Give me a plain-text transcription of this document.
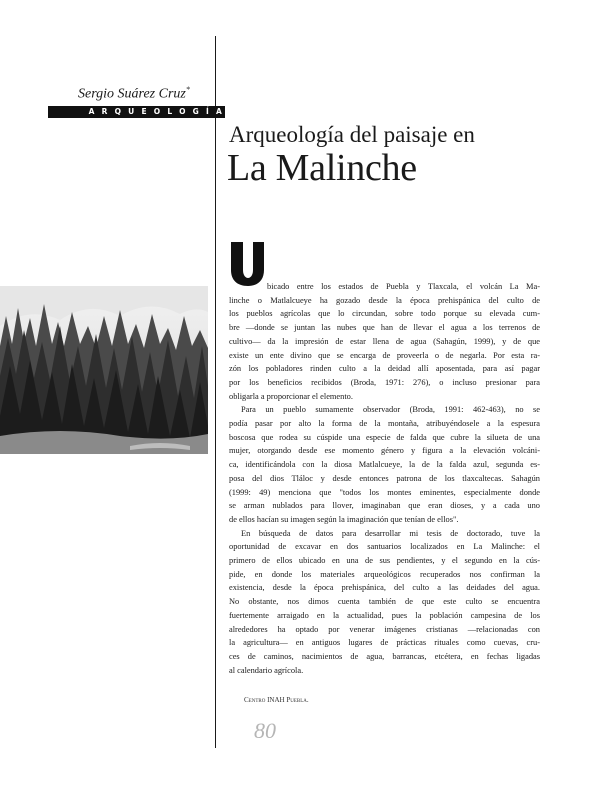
Sergio Suárez Cruz*
ARQUEOLOGÍA
Arqueología del paisaje en
La Malinche
bicado entre los estados de Puebla y Tlaxcala, el volcán La Ma-
linche o Matlalcueye ha gozado desde la época prehispánica del culto de
los pueblos agrícolas que lo circundan, sobre todo porque su elevada cum-
bre —donde se juntan las nubes que han de llevar el agua a los terrenos de
cultivo— da la impresión de estar llena de agua (Sahagún, 1999), y de que
existe un ente divino que se encarga de proveerla o de negarla. Por esta ra-
zón los pobladores rinden culto a la deidad allí aposentada, para así pagar
por los beneficios recibidos (Broda, 1971: 276), o incluso presionar para
obligarla a proporcionar el elemento.
Para un pueblo sumamente observador (Broda, 1991: 462-463), no se
podía pasar por alto la forma de la montaña, atribuyéndosele a la espesura
boscosa que rodea su cúspide una especie de falda que cubre la silueta de una
mujer, otorgando desde ese momento género y figura a la elevación volcáni-
ca, identificándola con la diosa Matlalcueye, la de la falda azul, segunda es-
posa del dios Tláloc y desde entonces patrona de los tlaxcaltecas. Sahagún
(1999: 49) menciona que "todos los montes eminentes, especialmente donde
se arman nublados para llover, imaginaban que eran dioses, y a cada uno
de ellos hacían su imagen según la imaginación que tenían de ellos".
En búsqueda de datos para desarrollar mi tesis de doctorado, tuve la
oportunidad de excavar en dos santuarios localizados en La Malinche: el
primero de ellos ubicado en una de sus pendientes, y el segundo en la cús-
pide, en donde los materiales arqueológicos recuperados nos confirman la
existencia, desde la época prehispánica, del culto a las deidades del agua.
No obstante, nos dimos cuenta también de que este culto se encuentra
fuertemente arraigado en la actualidad, pues la población campesina de los
alrededores ha optado por venerar imágenes cristianas —relacionadas con
la agricultura— en antiguos lugares de prácticas rituales como cuevas, cru-
ces de caminos, nacimientos de agua, barrancas, etcétera, en fechas ligadas
al calendario agrícola.
Centro INAH Puebla.
80
